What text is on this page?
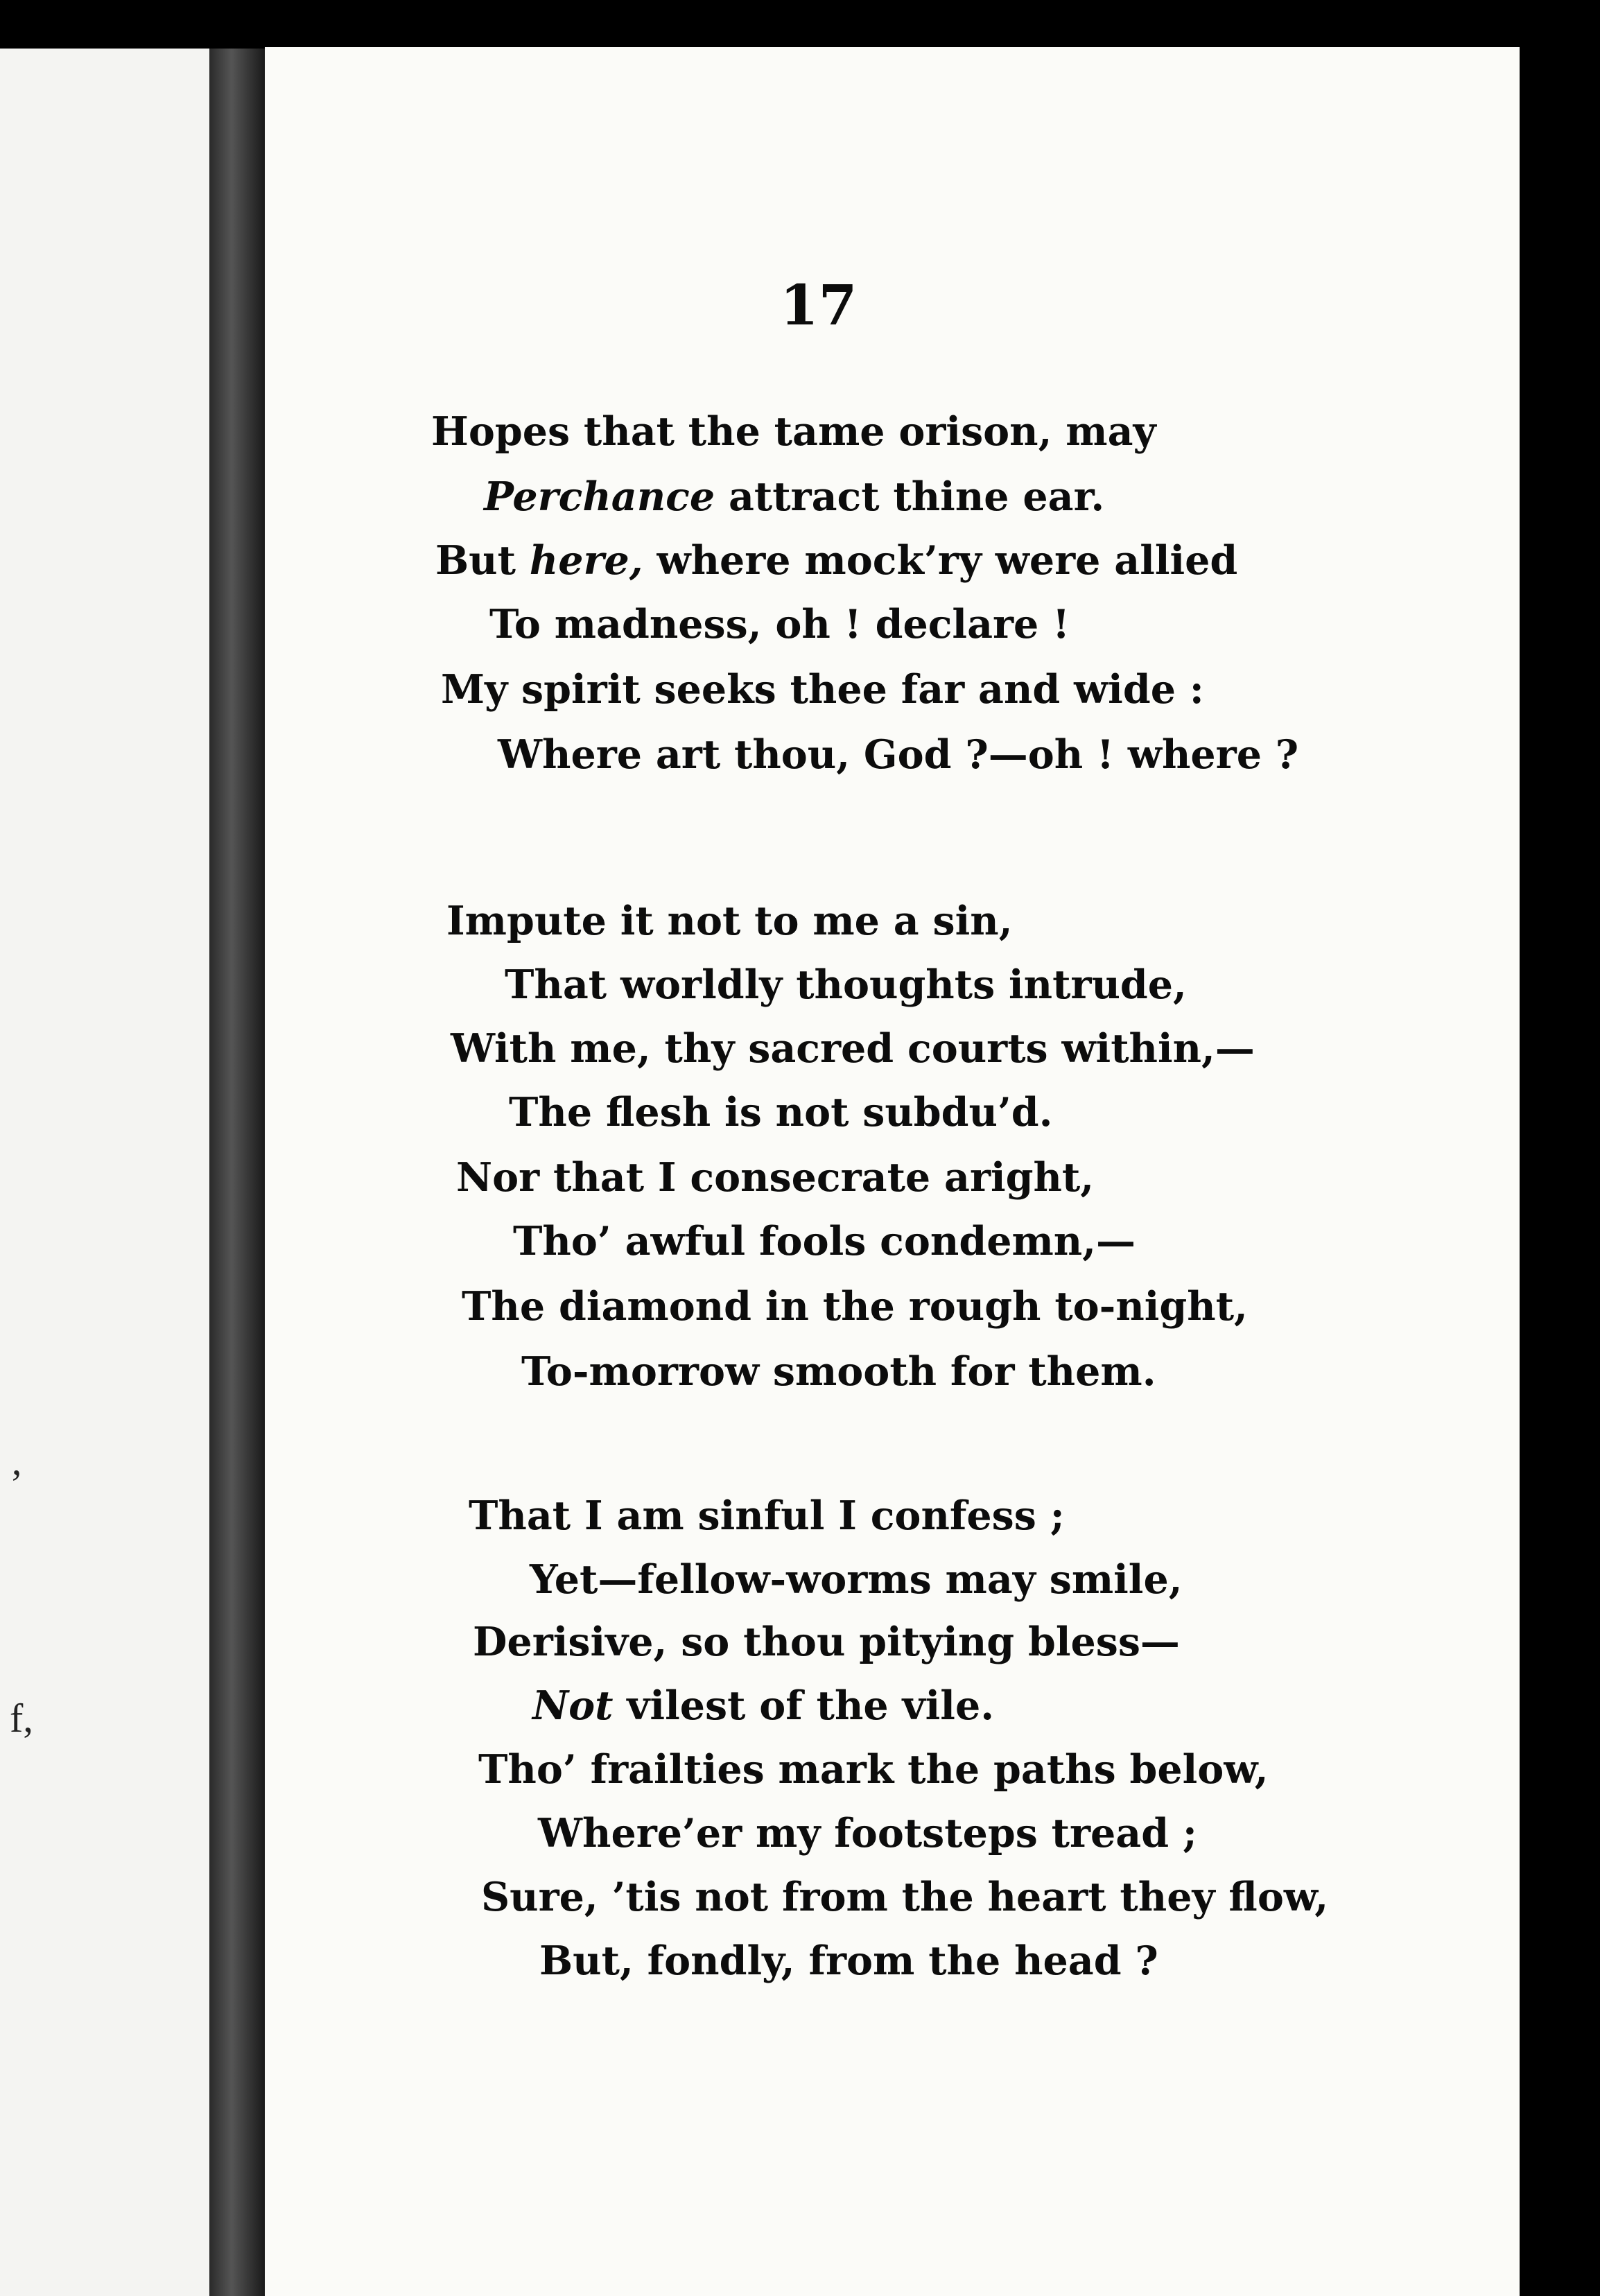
’
f,
17
Hopes that the tame orison, may
Perchance attract thine ear.
But here, where mock’ry were allied
To madness, oh ! declare !
My spirit seeks thee far and wide :
Where art thou, God ?—oh ! where ?
Impute it not to me a sin,
That worldly thoughts intrude,
With me, thy sacred courts within,—
The flesh is not subdu’d.
Nor that I consecrate aright,
Tho’ awful fools condemn,—
The diamond in the rough to-night,
To-morrow smooth for them.
That I am sinful I confess ;
Yet—fellow-worms may smile,
Derisive, so thou pitying bless—
Not vilest of the vile.
Tho’ frailties mark the paths below,
Where’er my footsteps tread ;
Sure, ’tis not from the heart they flow,
But, fondly, from the head ?
